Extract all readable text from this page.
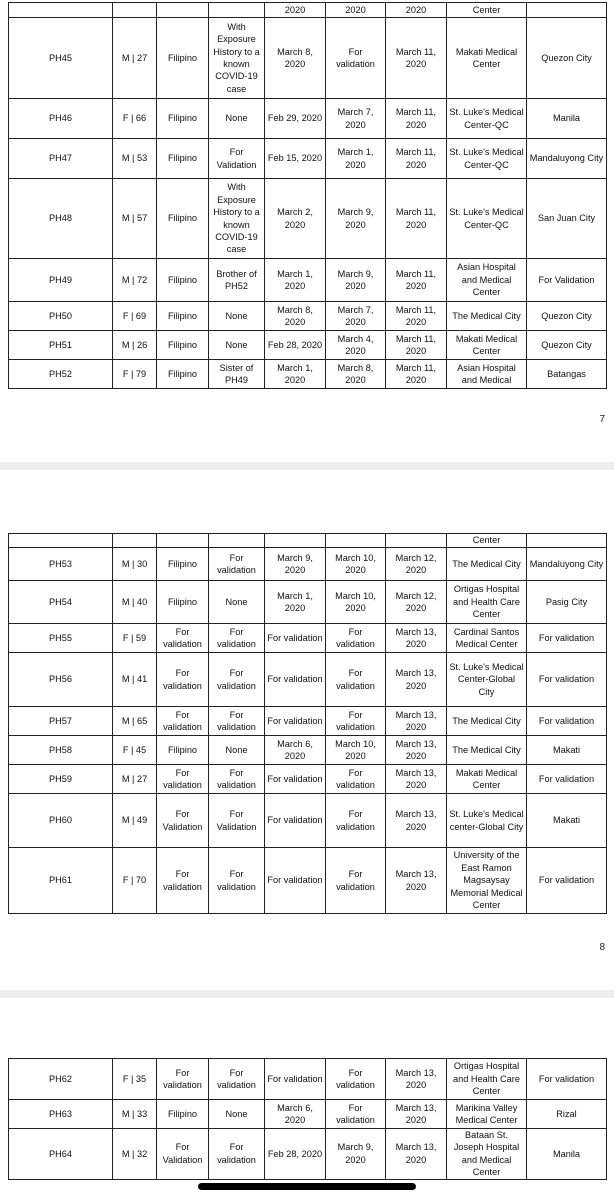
				2020	2020	2020	Center	
PH45	M | 27	Filipino	With Exposure History to a known COVID-19 case	March 8, 2020	For validation	March 11, 2020	Makati Medical Center	Quezon City
PH46	F | 66	Filipino	None	Feb 29, 2020	March 7, 2020	March 11, 2020	St. Luke's Medical Center-QC	Manila
PH47	M | 53	Filipino	For Validation	Feb 15, 2020	March 1, 2020	March 11, 2020	St. Luke's Medical Center-QC	Mandaluyong City
PH48	M | 57	Filipino	With Exposure History to a known COVID-19 case	March 2, 2020	March 9, 2020	March 11, 2020	St. Luke's Medical Center-QC	San Juan City
PH49	M | 72	Filipino	Brother of PH52	March 1, 2020	March 9, 2020	March 11, 2020	Asian Hospital and Medical Center	For Validation
PH50	F | 69	Filipino	None	March 8, 2020	March 7, 2020	March 11, 2020	The Medical City	Quezon City
PH51	M | 26	Filipino	None	Feb 28, 2020	March 4, 2020	March 11, 2020	Makati Medical Center	Quezon City
PH52	F | 79	Filipino	Sister of PH49	March 1, 2020	March 8, 2020	March 11, 2020	Asian Hospital and Medical	Batangas
7
							Center	
PH53	M | 30	Filipino	For validation	March 9, 2020	March 10, 2020	March 12, 2020	The Medical City	Mandaluyong City
PH54	M | 40	Filipino	None	March 1, 2020	March 10, 2020	March 12, 2020	Ortigas Hospital and Health Care Center	Pasig City
PH55	F | 59	For validation	For validation	For validation	For validation	March 13, 2020	Cardinal Santos Medical Center	For validation
PH56	M | 41	For validation	For validation	For validation	For validation	March 13, 2020	St. Luke's Medical Center-Global City	For validation
PH57	M | 65	For validation	For validation	For validation	For validation	March 13, 2020	The Medical City	For validation
PH58	F | 45	Filipino	None	March 6, 2020	March 10, 2020	March 13, 2020	The Medical City	Makati
PH59	M | 27	For validation	For validation	For validation	For validation	March 13, 2020	Makati Medical Center	For validation
PH60	M | 49	For Validation	For Validation	For validation	For validation	March 13, 2020	St. Luke's Medical center-Global City	Makati
PH61	F | 70	For validation	For validation	For validation	For validation	March 13, 2020	University of the East Ramon Magsaysay Memorial Medical Center	For validation
8
PH62	F | 35	For validation	For validation	For validation	For validation	March 13, 2020	Ortigas Hospital and Health Care Center	For validation
PH63	M | 33	Filipino	None	March 6, 2020	For validation	March 13, 2020	Marikina Valley Medical Center	Rizal
PH64	M | 32	For Validation	For validation	Feb 28, 2020	March 9, 2020	March 13, 2020	Bataan St. Joseph Hospital and Medical Center	Manila
